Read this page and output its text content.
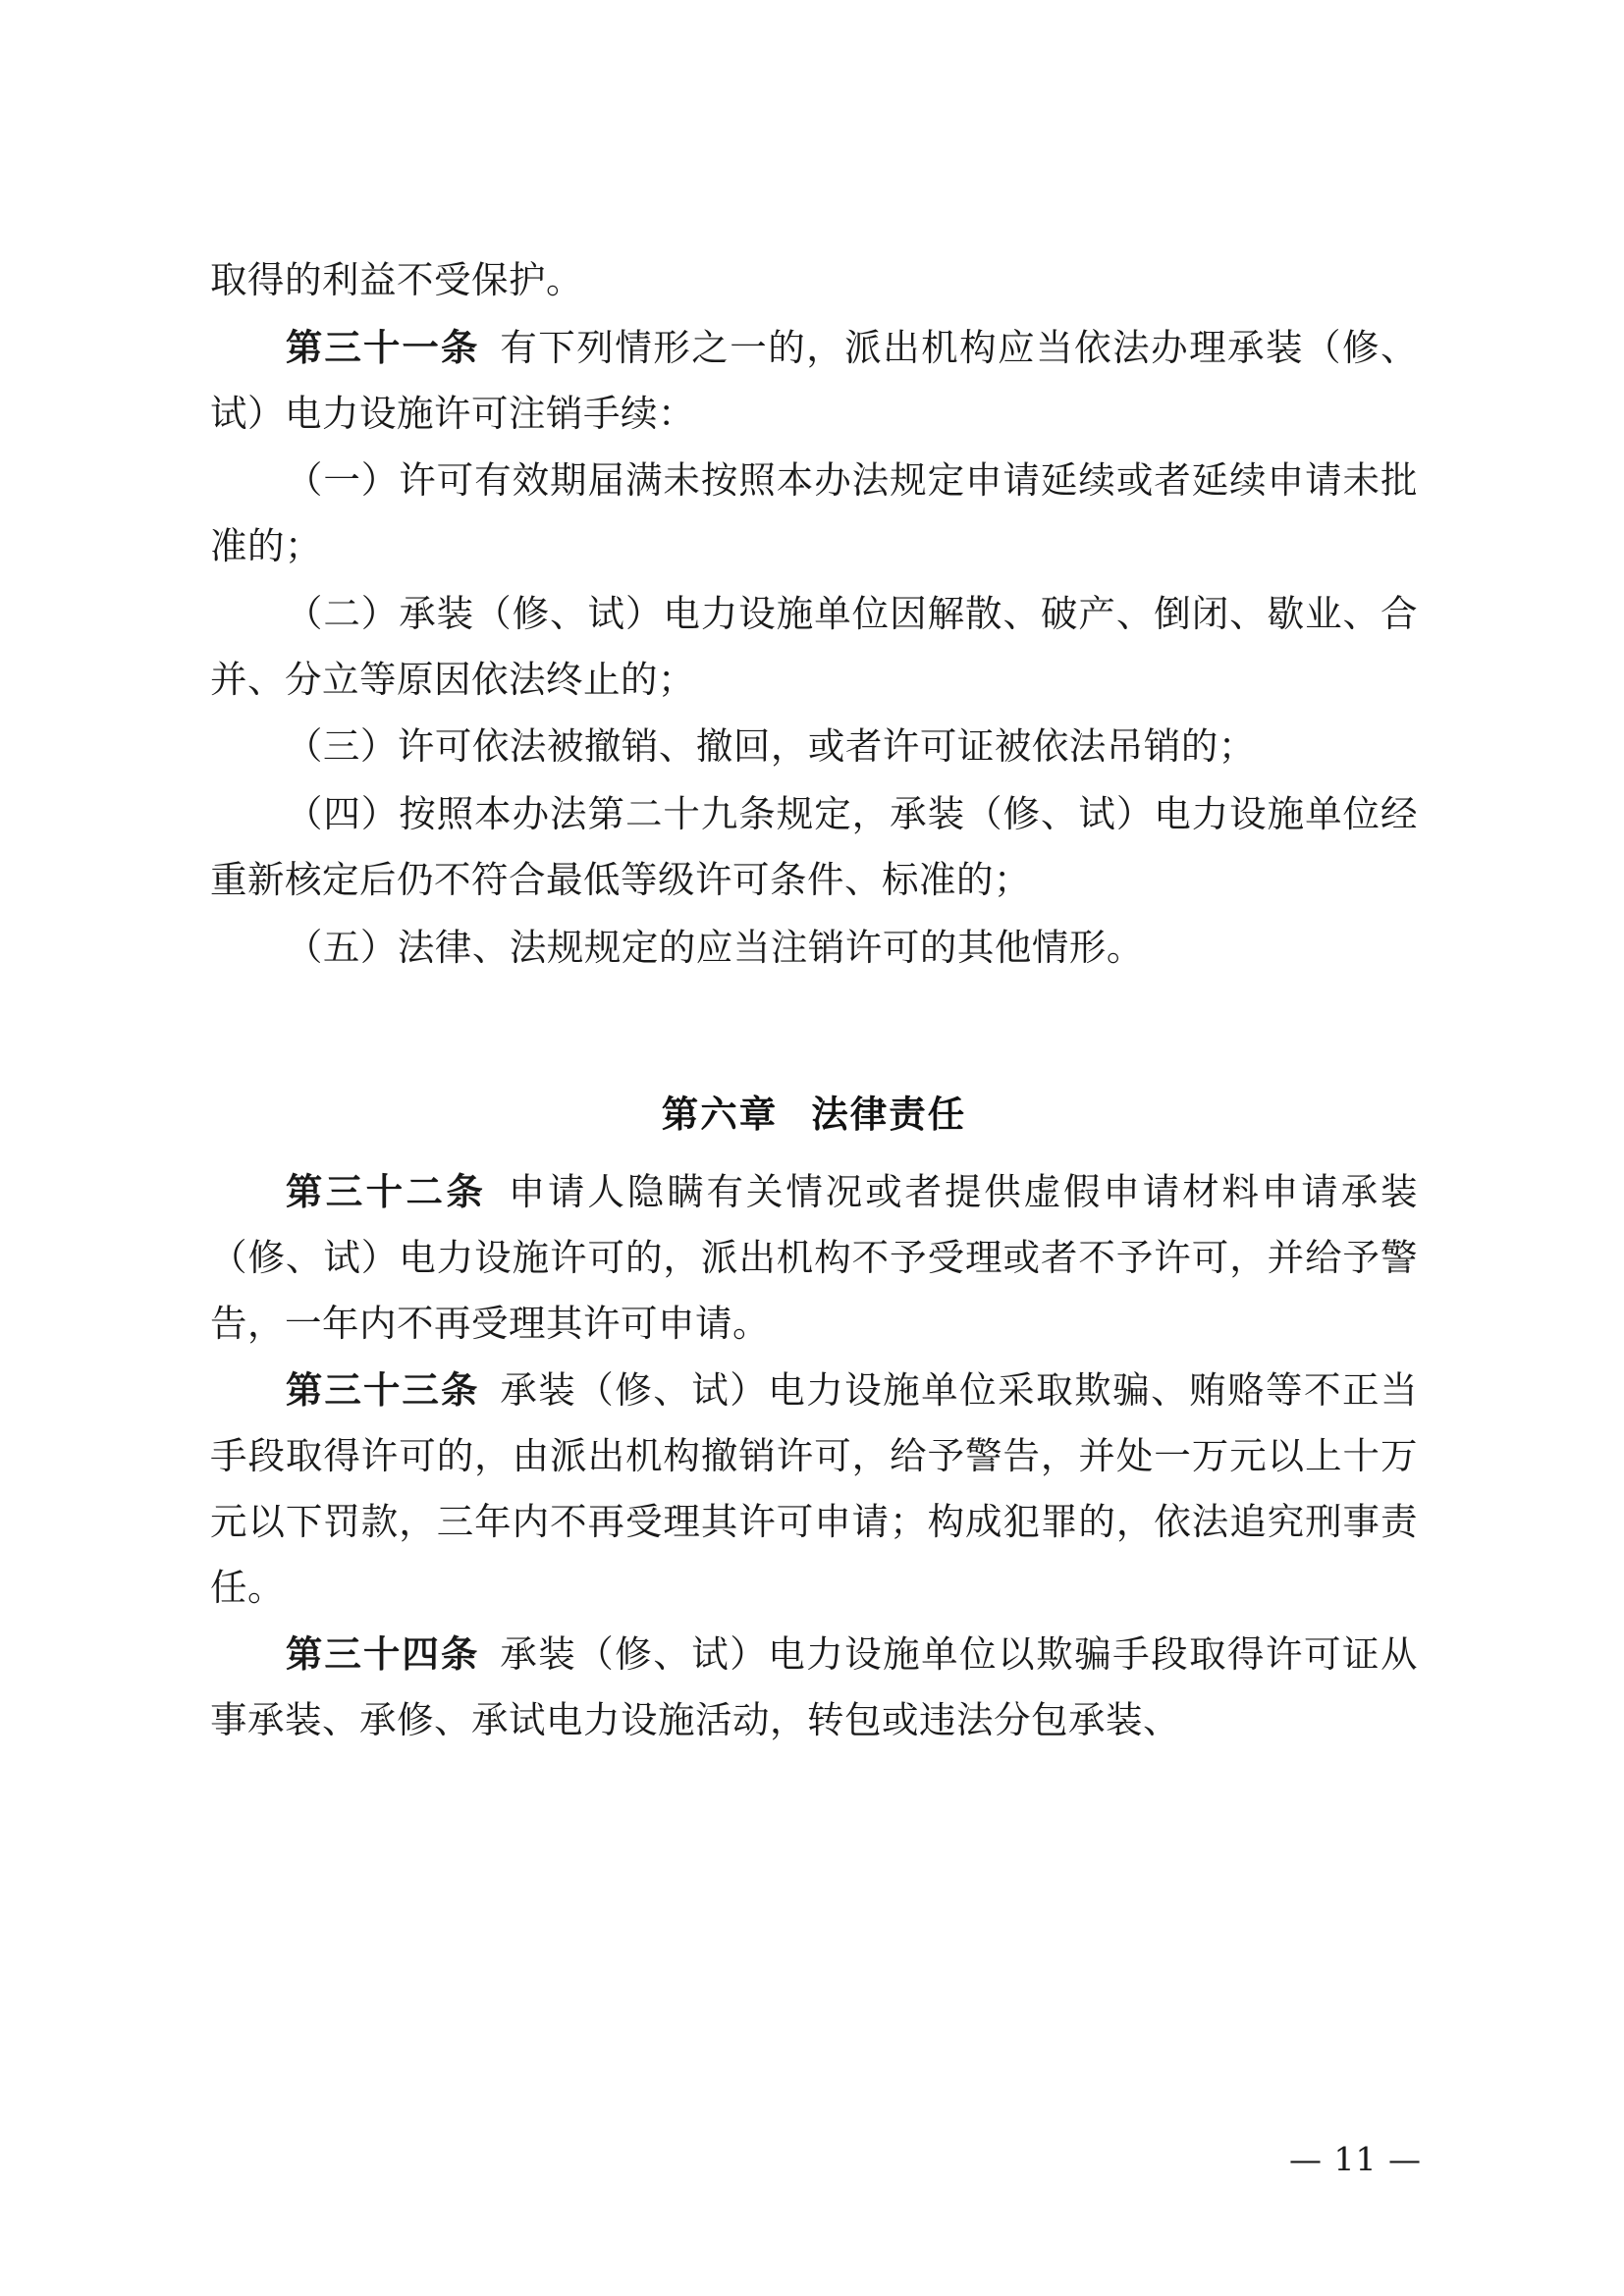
取得的利益不受保护。

第三十一条 有下列情形之一的，派出机构应当依法办理承装（修、试）电力设施许可注销手续：

（一）许可有效期届满未按照本办法规定申请延续或者延续申请未批准的；

（二）承装（修、试）电力设施单位因解散、破产、倒闭、歇业、合并、分立等原因依法终止的；

（三）许可依法被撤销、撤回，或者许可证被依法吊销的；

（四）按照本办法第二十九条规定，承装（修、试）电力设施单位经重新核定后仍不符合最低等级许可条件、标准的；

（五）法律、法规规定的应当注销许可的其他情形。

第六章 法律责任

第三十二条 申请人隐瞒有关情况或者提供虚假申请材料申请承装（修、试）电力设施许可的，派出机构不予受理或者不予许可，并给予警告，一年内不再受理其许可申请。

第三十三条 承装（修、试）电力设施单位采取欺骗、贿赂等不正当手段取得许可的，由派出机构撤销许可，给予警告，并处一万元以上十万元以下罚款，三年内不再受理其许可申请；构成犯罪的，依法追究刑事责任。

第三十四条 承装（修、试）电力设施单位以欺骗手段取得许可证从事承装、承修、承试电力设施活动，转包或违法分包承装、

— 11 —
